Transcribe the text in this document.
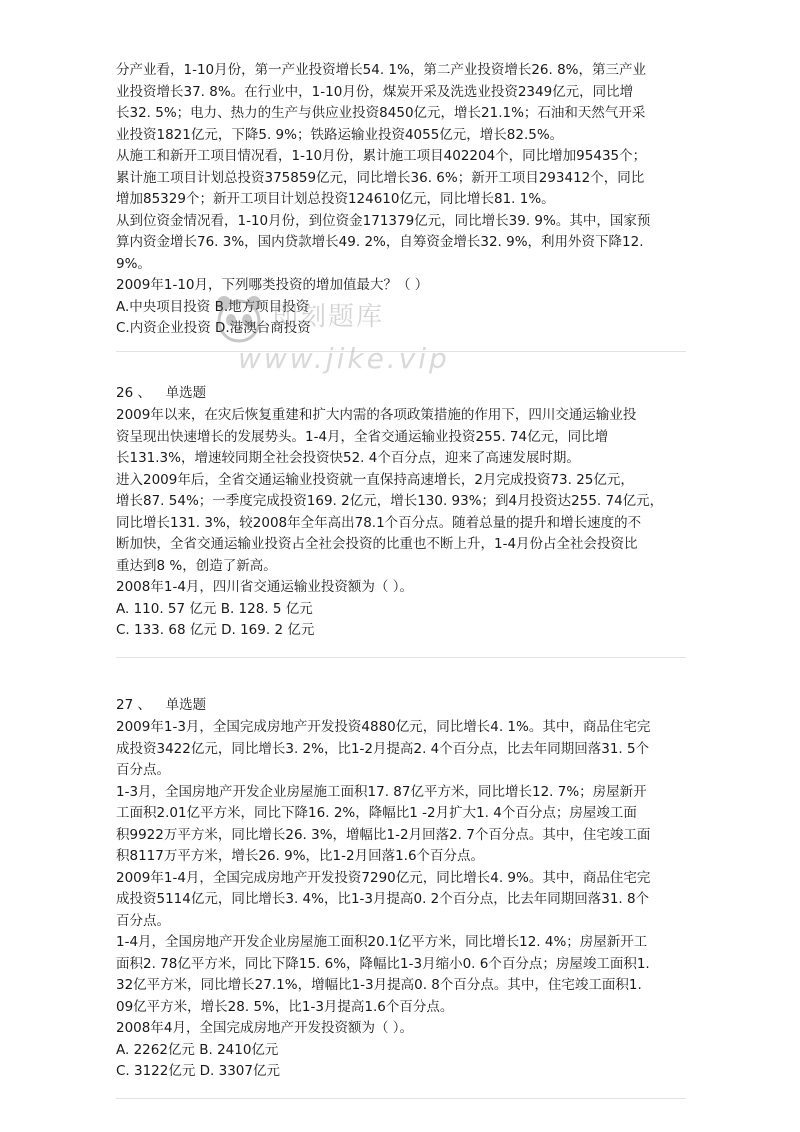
分产业看，1-10月份，第一产业投资增长54. 1%，第二产业投资增长26. 8%，第三产业

业投资增长37. 8%。在行业中，1-10月份，煤炭开采及洗选业投资2349亿元，同比增

长32. 5%；电力、热力的生产与供应业投资8450亿元，增长21.1%；石油和天然气开采

业投资1821亿元，下降5. 9%；铁路运输业投资4055亿元，增长82.5%。

从施工和新开工项目情况看，1-10月份，累计施工项目402204个，同比增加95435个；

累计施工项目计划总投资375859亿元，同比增长36. 6%；新开工项目293412个，同比

增加85329个；新开工项目计划总投资124610亿元，同比增长81. 1%。

从到位资金情况看，1-10月份，到位资金171379亿元，同比增长39. 9%。其中，国家预

算内资金增长76. 3%，国内贷款增长49. 2%，自筹资金增长32. 9%，利用外资下降12.

9%。

2009年1-10月，下列哪类投资的增加值最大？（ ）

A.中央项目投资 B.地方项目投资

C.内资企业投资 D.港澳台商投资

26 、 单选题

2009年以来，在灾后恢复重建和扩大内需的各项政策措施的作用下，四川交通运输业投

资呈现出快速增长的发展势头。1-4月，全省交通运输业投资255. 74亿元，同比增

长131.3%，增速较同期全社会投资快52. 4个百分点，迎来了高速发展时期。

进入2009年后，全省交通运输业投资就一直保持高速增长，2月完成投资73. 25亿元，

增长87. 54%；一季度完成投资169. 2亿元，增长130. 93%；到4月投资达255. 74亿元，

同比增长131. 3%，较2008年全年高出78.1个百分点。随着总量的提升和增长速度的不

断加快，全省交通运输业投资占全社会投资的比重也不断上升，1-4月份占全社会投资比

重达到8 %，创造了新高。

2008年1-4月，四川省交通运输业投资额为（ ）。

A. 110. 57 亿元 B. 128. 5 亿元

C. 133. 68 亿元 D. 169. 2 亿元

27 、 单选题

2009年1-3月，全国完成房地产开发投资4880亿元，同比增长4. 1%。其中，商品住宅完

成投资3422亿元，同比增长3. 2%，比1-2月提高2. 4个百分点，比去年同期回落31. 5个

百分点。

1-3月，全国房地产开发企业房屋施工面积17. 87亿平方米，同比增长12. 7%；房屋新开

工面积2.01亿平方米，同比下降16. 2%，降幅比1 -2月扩大1. 4个百分点；房屋竣工面

积9922万平方米，同比增长26. 3%，增幅比1-2月回落2. 7个百分点。其中，住宅竣工面

积8117万平方米，增长26. 9%，比1-2月回落1.6个百分点。

2009年1-4月，全国完成房地产开发投资7290亿元，同比增长4. 9%。其中，商品住宅完

成投资5114亿元，同比增长3. 4%，比1-3月提高0. 2个百分点，比去年同期回落31. 8个

百分点。

1-4月，全国房地产开发企业房屋施工面积20.1亿平方米，同比增长12. 4%；房屋新开工

面积2. 78亿平方米，同比下降15. 6%，降幅比1-3月缩小0. 6个百分点；房屋竣工面积1.

32亿平方米，同比增长27.1%，增幅比1-3月提高0. 8个百分点。其中，住宅竣工面积1.

09亿平方米，增长28. 5%，比1-3月提高1.6个百分点。

2008年4月，全国完成房地产开发投资额为（ ）。

A. 2262亿元 B. 2410亿元

C. 3122亿元 D. 3307亿元

即刻题库
www.jike.vip
